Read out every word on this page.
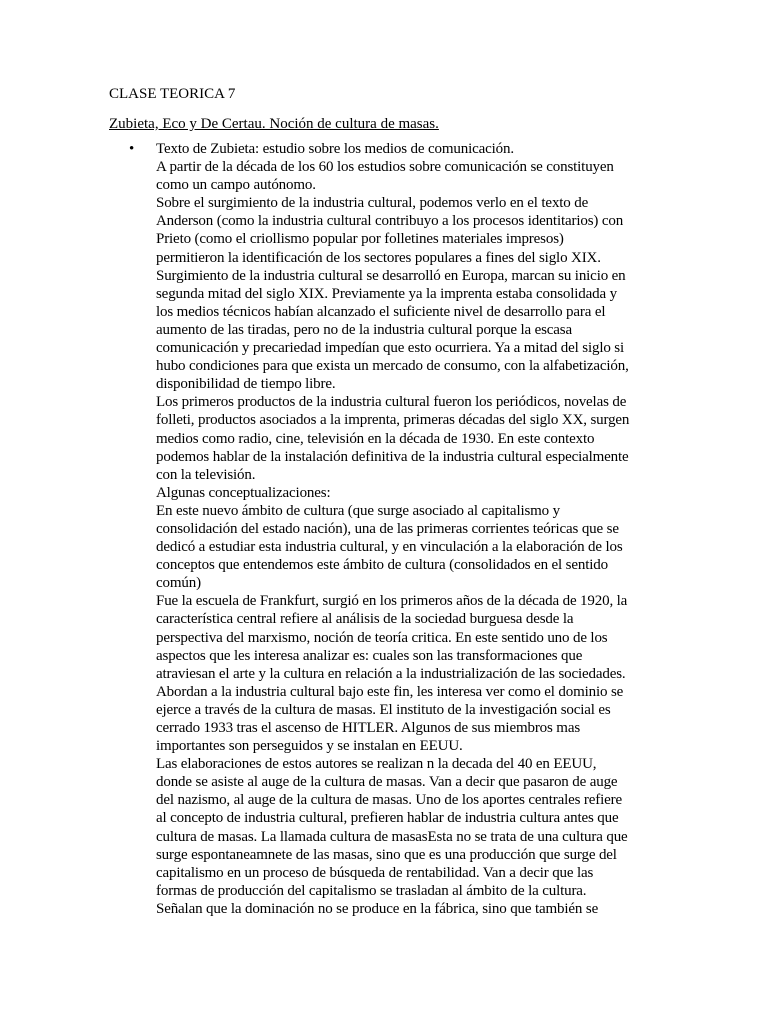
CLASE TEORICA 7
Zubieta, Eco y De Certau. Noción de cultura de masas.
• Texto de Zubieta: estudio sobre los medios de comunicación.
A partir de la década de los 60 los estudios sobre comunicación se constituyen
como un campo autónomo.
Sobre el surgimiento de la industria cultural, podemos verlo en el texto de
Anderson (como la industria cultural contribuyo a los procesos identitarios) con
Prieto (como el criollismo popular por folletines materiales impresos)
permitieron la identificación de los sectores populares a fines del siglo XIX.
Surgimiento de la industria cultural se desarrolló en Europa, marcan su inicio en
segunda mitad del siglo XIX. Previamente ya la imprenta estaba consolidada y
los medios técnicos habían alcanzado el suficiente nivel de desarrollo para el
aumento de las tiradas, pero no de la industria cultural porque la escasa
comunicación y precariedad impedían que esto ocurriera. Ya a mitad del siglo si
hubo condiciones para que exista un mercado de consumo, con la alfabetización,
disponibilidad de tiempo libre.
Los primeros productos de la industria cultural fueron los periódicos, novelas de
folleti, productos asociados a la imprenta, primeras décadas del siglo XX, surgen
medios como radio, cine, televisión en la década de 1930. En este contexto
podemos hablar de la instalación definitiva de la industria cultural especialmente
con la televisión.
Algunas conceptualizaciones:
En este nuevo ámbito de cultura (que surge asociado al capitalismo y
consolidación del estado nación), una de las primeras corrientes teóricas que se
dedicó a estudiar esta industria cultural, y en vinculación a la elaboración de los
conceptos que entendemos este ámbito de cultura (consolidados en el sentido
común)
Fue la escuela de Frankfurt, surgió en los primeros años de la década de 1920, la
característica central refiere al análisis de la sociedad burguesa desde la
perspectiva del marxismo, noción de teoría critica. En este sentido uno de los
aspectos que les interesa analizar es: cuales son las transformaciones que
atraviesan el arte y la cultura en relación a la industrialización de las sociedades.
Abordan a la industria cultural bajo este fin, les interesa ver como el dominio se
ejerce a través de la cultura de masas. El instituto de la investigación social es
cerrado 1933 tras el ascenso de HITLER. Algunos de sus miembros mas
importantes son perseguidos y se instalan en EEUU.
Las elaboraciones de estos autores se realizan n la decada del 40 en EEUU,
donde se asiste al auge de la cultura de masas. Van a decir que pasaron de auge
del nazismo, al auge de la cultura de masas. Uno de los aportes centrales refiere
al concepto de industria cultural, prefieren hablar de industria cultura antes que
cultura de masas. La llamada cultura de masasEsta no se trata de una cultura que
surge espontaneamnete de las masas, sino que es una producción que surge del
capitalismo en un proceso de búsqueda de rentabilidad. Van a decir que las
formas de producción del capitalismo se trasladan al ámbito de la cultura.
Señalan que la dominación no se produce en la fábrica, sino que también se
